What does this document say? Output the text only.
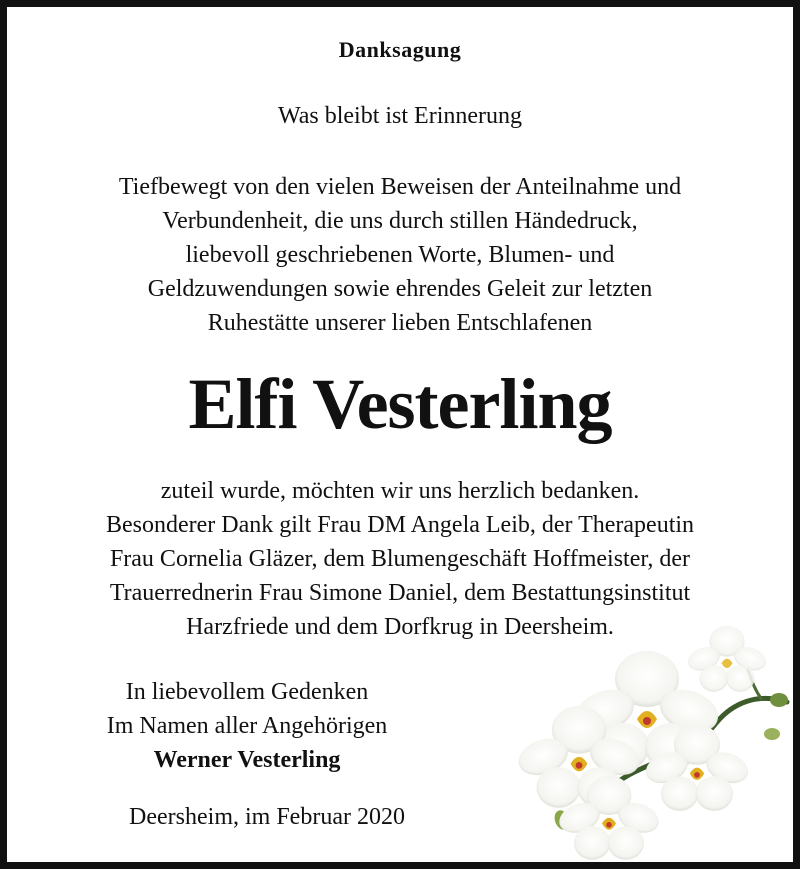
Danksagung
Was bleibt ist Erinnerung
Tiefbewegt von den vielen Beweisen der Anteilnahme und
Verbundenheit, die uns durch stillen Händedruck,
liebevoll geschriebenen Worte, Blumen- und
Geldzuwendungen sowie ehrendes Geleit zur letzten
Ruhestätte unserer lieben Entschlafenen
Elfi Vesterling
zuteil wurde, möchten wir uns herzlich bedanken.
Besonderer Dank gilt Frau DM Angela Leib, der Therapeutin
Frau Cornelia Gläzer, dem Blumengeschäft Hoffmeister, der
Trauerrednerin Frau Simone Daniel, dem Bestattungsinstitut
Harzfriede und dem Dorfkrug in Deersheim.
In liebevollem Gedenken
Im Namen aller Angehörigen
Werner Vesterling
Deersheim, im Februar 2020
